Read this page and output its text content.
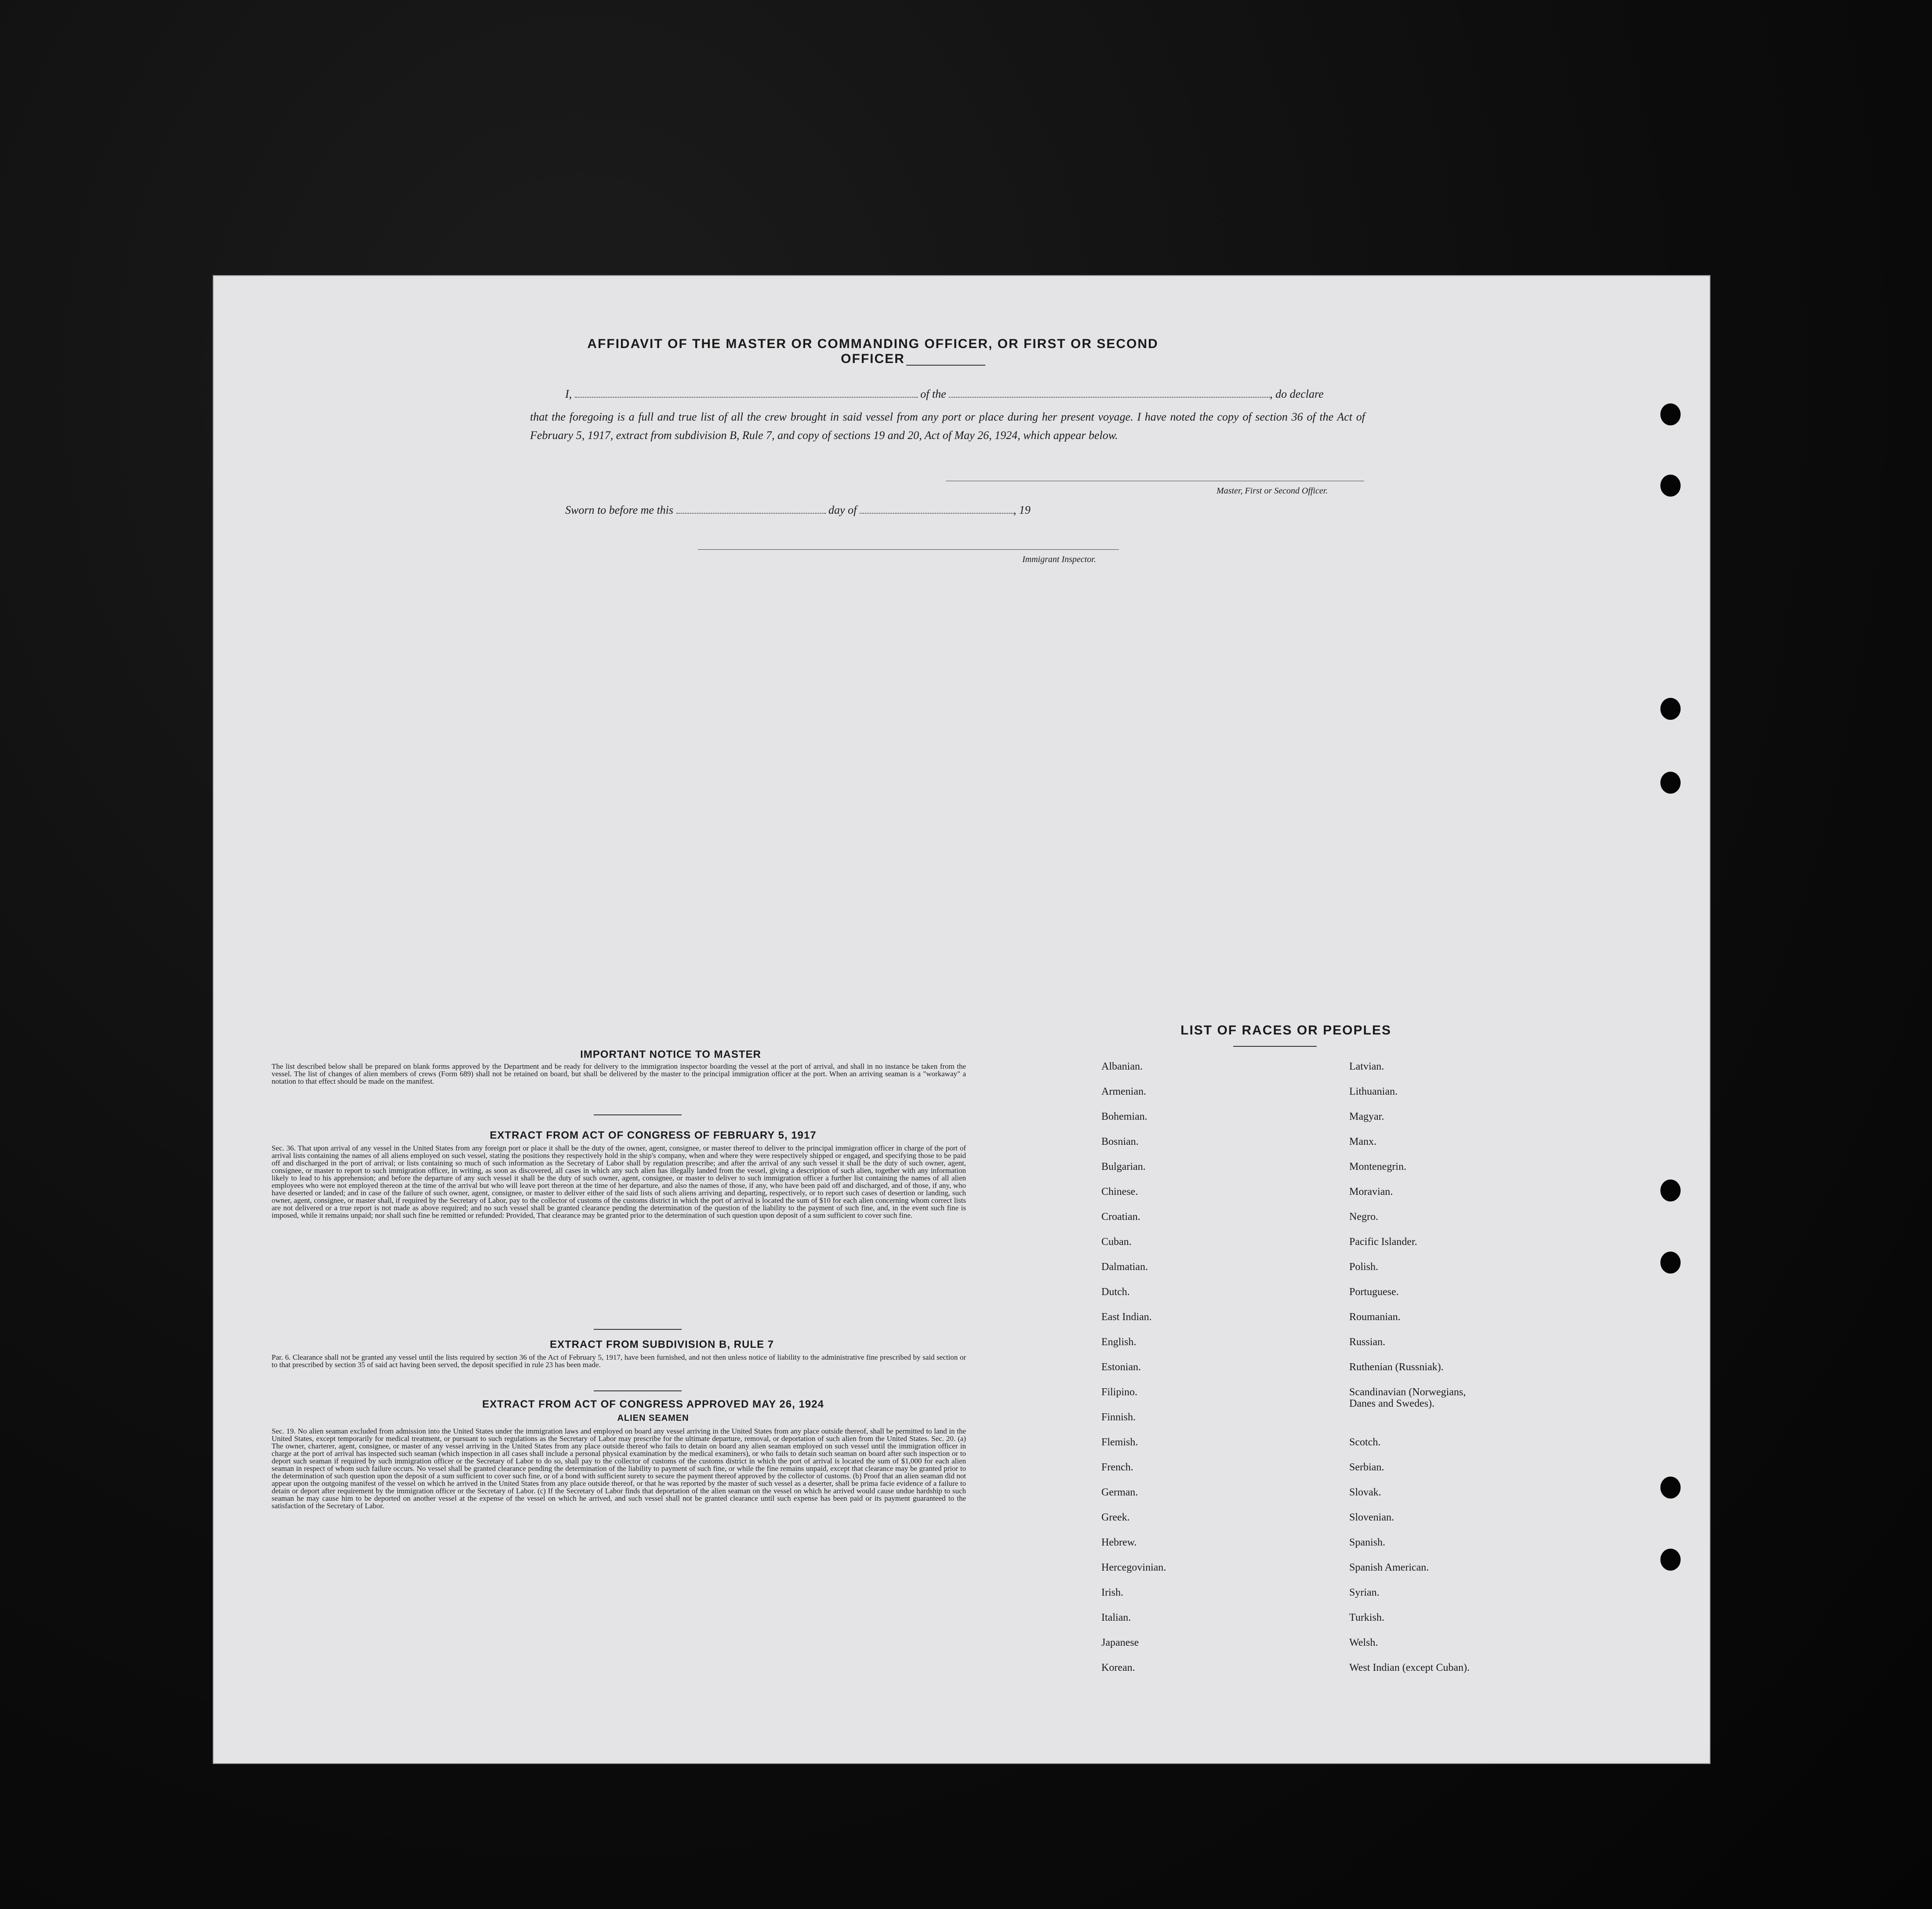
AFFIDAVIT OF THE MASTER OR COMMANDING OFFICER, OR FIRST OR SECOND OFFICER
I,	of the	, do declare
that the foregoing is a full and true list of all the crew brought in said vessel from any port or place during her present voyage. I have noted the copy of section 36 of the Act of February 5, 1917, extract from subdivision B, Rule 7, and copy of sections 19 and 20, Act of May 26, 1924, which appear below.
Master, First or Second Officer.
Sworn to before me this	day of	, 19
Immigrant Inspector.
IMPORTANT NOTICE TO MASTER
The list described below shall be prepared on blank forms approved by the Department and be ready for delivery to the immigration inspector boarding the vessel at the port of arrival, and shall in no instance be taken from the vessel. The list of changes of alien members of crews (Form 689) shall not be retained on board, but shall be delivered by the master to the principal immigration officer at the port. When an arriving seaman is a "workaway" a notation to that effect should be made on the manifest.
EXTRACT FROM ACT OF CONGRESS OF FEBRUARY 5, 1917
Sec. 36. That upon arrival of any vessel in the United States from any foreign port or place it shall be the duty of the owner, agent, consignee, or master thereof to deliver to the principal immigration officer in charge of the port of arrival lists containing the names of all aliens employed on such vessel, stating the positions they respectively hold in the ship's company, when and where they were respectively shipped or engaged, and specifying those to be paid off and discharged in the port of arrival; or lists containing so much of such information as the Secretary of Labor shall by regulation prescribe; and after the arrival of any such vessel it shall be the duty of such owner, agent, consignee, or master to report to such immigration officer, in writing, as soon as discovered, all cases in which any such alien has illegally landed from the vessel, giving a description of such alien, together with any information likely to lead to his apprehension; and before the departure of any such vessel it shall be the duty of such owner, agent, consignee, or master to deliver to such immigration officer a further list containing the names of all alien employees who were not employed thereon at the time of the arrival but who will leave port thereon at the time of her departure, and also the names of those, if any, who have been paid off and discharged, and of those, if any, who have deserted or landed; and in case of the failure of such owner, agent, consignee, or master to deliver either of the said lists of such aliens arriving and departing, respectively, or to report such cases of desertion or landing, such owner, agent, consignee, or master shall, if required by the Secretary of Labor, pay to the collector of customs of the customs district in which the port of arrival is located the sum of $10 for each alien concerning whom correct lists are not delivered or a true report is not made as above required; and no such vessel shall be granted clearance pending the determination of the question of the liability to the payment of such fine, and, in the event such fine is imposed, while it remains unpaid; nor shall such fine be remitted or refunded: Provided, That clearance may be granted prior to the determination of such question upon deposit of a sum sufficient to cover such fine.
EXTRACT FROM SUBDIVISION B, RULE 7
Par. 6. Clearance shall not be granted any vessel until the lists required by section 36 of the Act of February 5, 1917, have been furnished, and not then unless notice of liability to the administrative fine prescribed by said section or to that prescribed by section 35 of said act having been served, the deposit specified in rule 23 has been made.
EXTRACT FROM ACT OF CONGRESS APPROVED MAY 26, 1924
ALIEN SEAMEN
Sec. 19. No alien seaman excluded from admission into the United States under the immigration laws and employed on board any vessel arriving in the United States from any place outside thereof, shall be permitted to land in the United States, except temporarily for medical treatment, or pursuant to such regulations as the Secretary of Labor may prescribe for the ultimate departure, removal, or deportation of such alien from the United States. Sec. 20. (a) The owner, charterer, agent, consignee, or master of any vessel arriving in the United States from any place outside thereof who fails to detain on board any alien seaman employed on such vessel until the immigration officer in charge at the port of arrival has inspected such seaman (which inspection in all cases shall include a personal physical examination by the medical examiners), or who fails to detain such seaman on board after such inspection or to deport such seaman if required by such immigration officer or the Secretary of Labor to do so, shall pay to the collector of customs of the customs district in which the port of arrival is located the sum of $1,000 for each alien seaman in respect of whom such failure occurs. No vessel shall be granted clearance pending the determination of the liability to payment of such fine, or while the fine remains unpaid, except that clearance may be granted prior to the determination of such question upon the deposit of a sum sufficient to cover such fine, or of a bond with sufficient surety to secure the payment thereof approved by the collector of customs. (b) Proof that an alien seaman did not appear upon the outgoing manifest of the vessel on which he arrived in the United States from any place outside thereof, or that he was reported by the master of such vessel as a deserter, shall be prima facie evidence of a failure to detain or deport after requirement by the immigration officer or the Secretary of Labor. (c) If the Secretary of Labor finds that deportation of the alien seaman on the vessel on which he arrived would cause undue hardship to such seaman he may cause him to be deported on another vessel at the expense of the vessel on which he arrived, and such vessel shall not be granted clearance until such expense has been paid or its payment guaranteed to the satisfaction of the Secretary of Labor.
LIST OF RACES OR PEOPLES
Albanian.
Armenian.
Bohemian.
Bosnian.
Bulgarian.
Chinese.
Croatian.
Cuban.
Dalmatian.
Dutch.
East Indian.
English.
Estonian.
Filipino.
Finnish.
Flemish.
French.
German.
Greek.
Hebrew.
Hercegovinian.
Irish.
Italian.
Japanese
Korean.
Latvian.
Lithuanian.
Magyar.
Manx.
Montenegrin.
Moravian.
Negro.
Pacific Islander.
Polish.
Portuguese.
Roumanian.
Russian.
Ruthenian (Russniak).
Scandinavian (Norwegians, Danes and Swedes).
Scotch.
Serbian.
Slovak.
Slovenian.
Spanish.
Spanish American.
Syrian.
Turkish.
Welsh.
West Indian (except Cuban).
